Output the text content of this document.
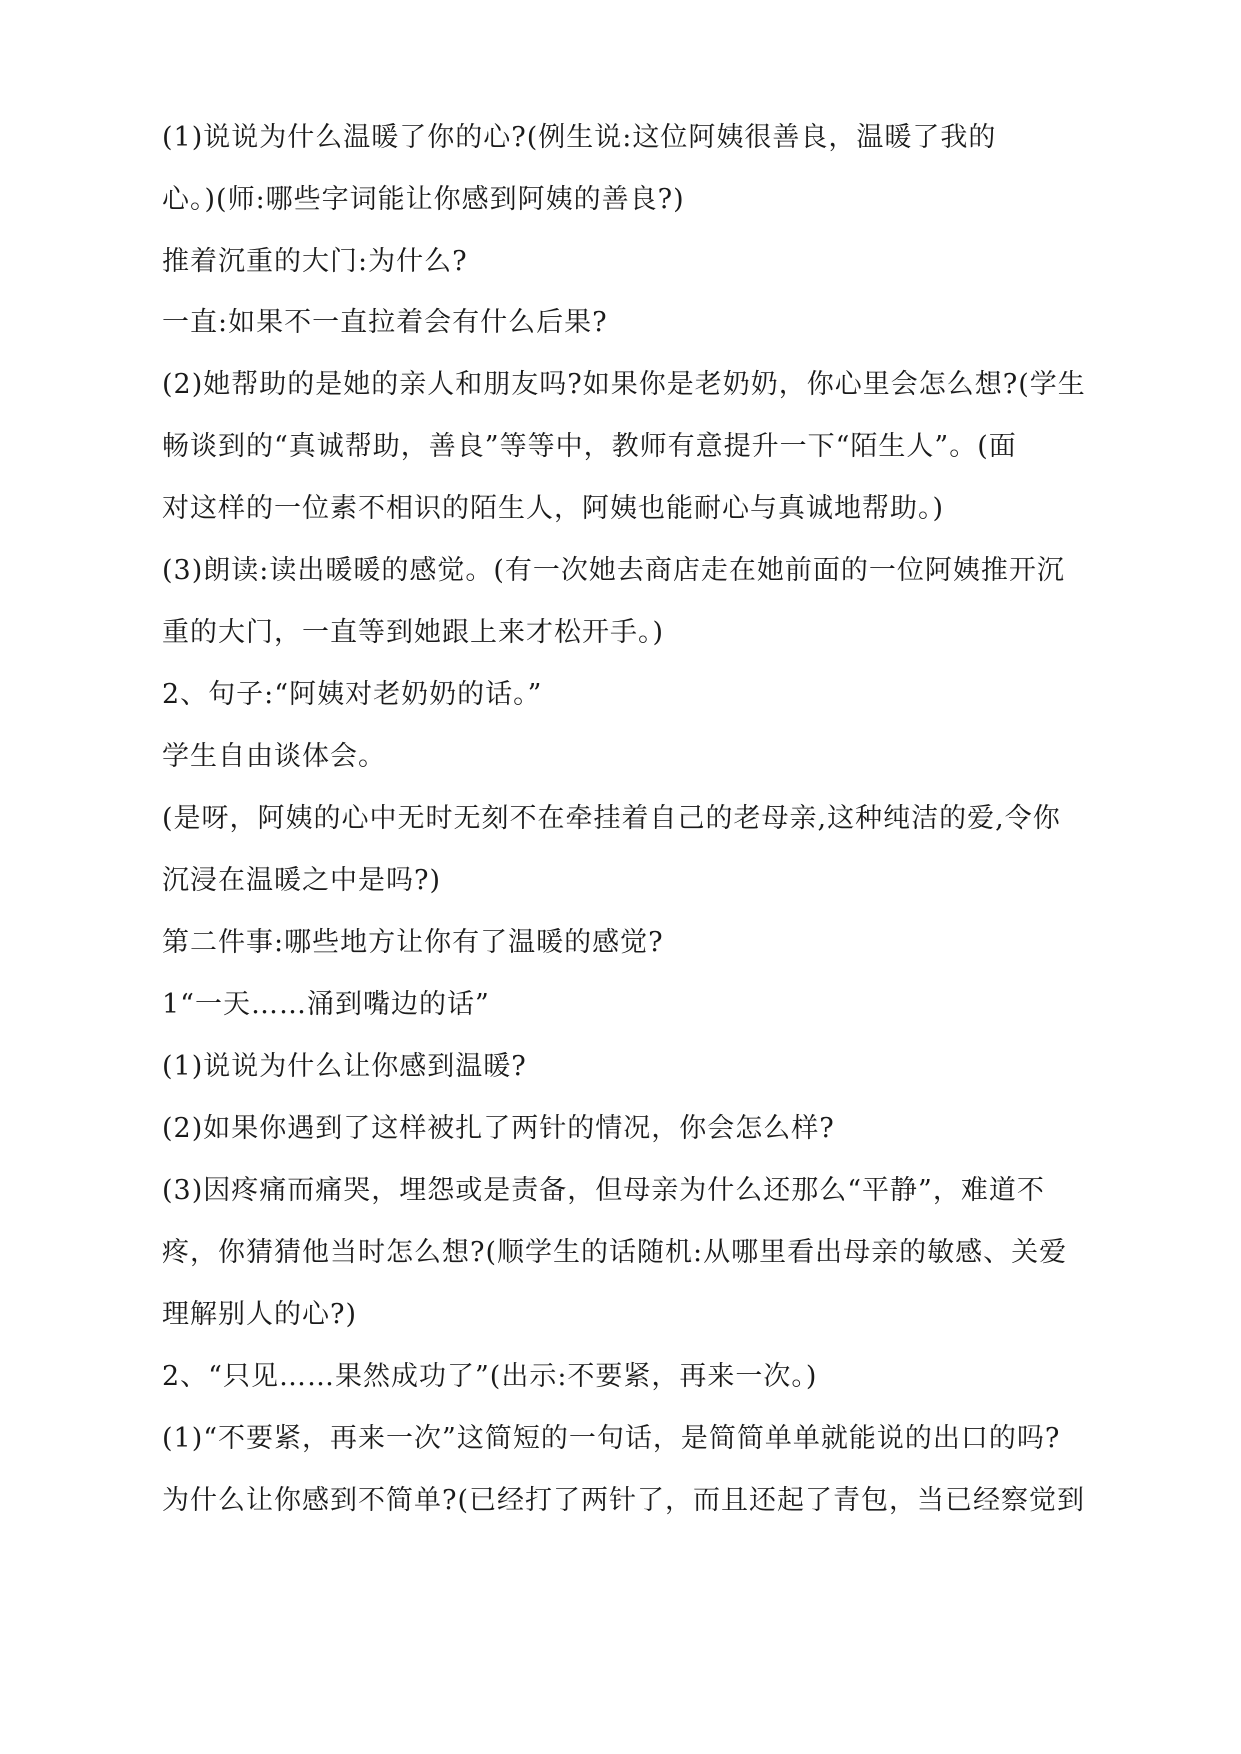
(1)说说为什么温暖了你的心?(例生说:这位阿姨很善良，温暖了我的
心。)(师:哪些字词能让你感到阿姨的善良?)
推着沉重的大门:为什么?
一直:如果不一直拉着会有什么后果?
(2)她帮助的是她的亲人和朋友吗?如果你是老奶奶，你心里会怎么想?(学生
畅谈到的“真诚帮助，善良”等等中，教师有意提升一下“陌生人”。(面
对这样的一位素不相识的陌生人，阿姨也能耐心与真诚地帮助。)
(3)朗读:读出暖暖的感觉。(有一次她去商店走在她前面的一位阿姨推开沉
重的大门，一直等到她跟上来才松开手。)
2、句子:“阿姨对老奶奶的话。”
学生自由谈体会。
(是呀，阿姨的心中无时无刻不在牵挂着自己的老母亲,这种纯洁的爱,令你
沉浸在温暖之中是吗?)
第二件事:哪些地方让你有了温暖的感觉?
1“一天……涌到嘴边的话”
(1)说说为什么让你感到温暖?
(2)如果你遇到了这样被扎了两针的情况，你会怎么样?
(3)因疼痛而痛哭，埋怨或是责备，但母亲为什么还那么“平静”，难道不
疼，你猜猜他当时怎么想?(顺学生的话随机:从哪里看出母亲的敏感、关爱
理解别人的心?)
2、“只见……果然成功了”(出示:不要紧，再来一次。)
(1)“不要紧，再来一次”这简短的一句话，是简简单单就能说的出口的吗?
为什么让你感到不简单?(已经打了两针了，而且还起了青包，当已经察觉到
